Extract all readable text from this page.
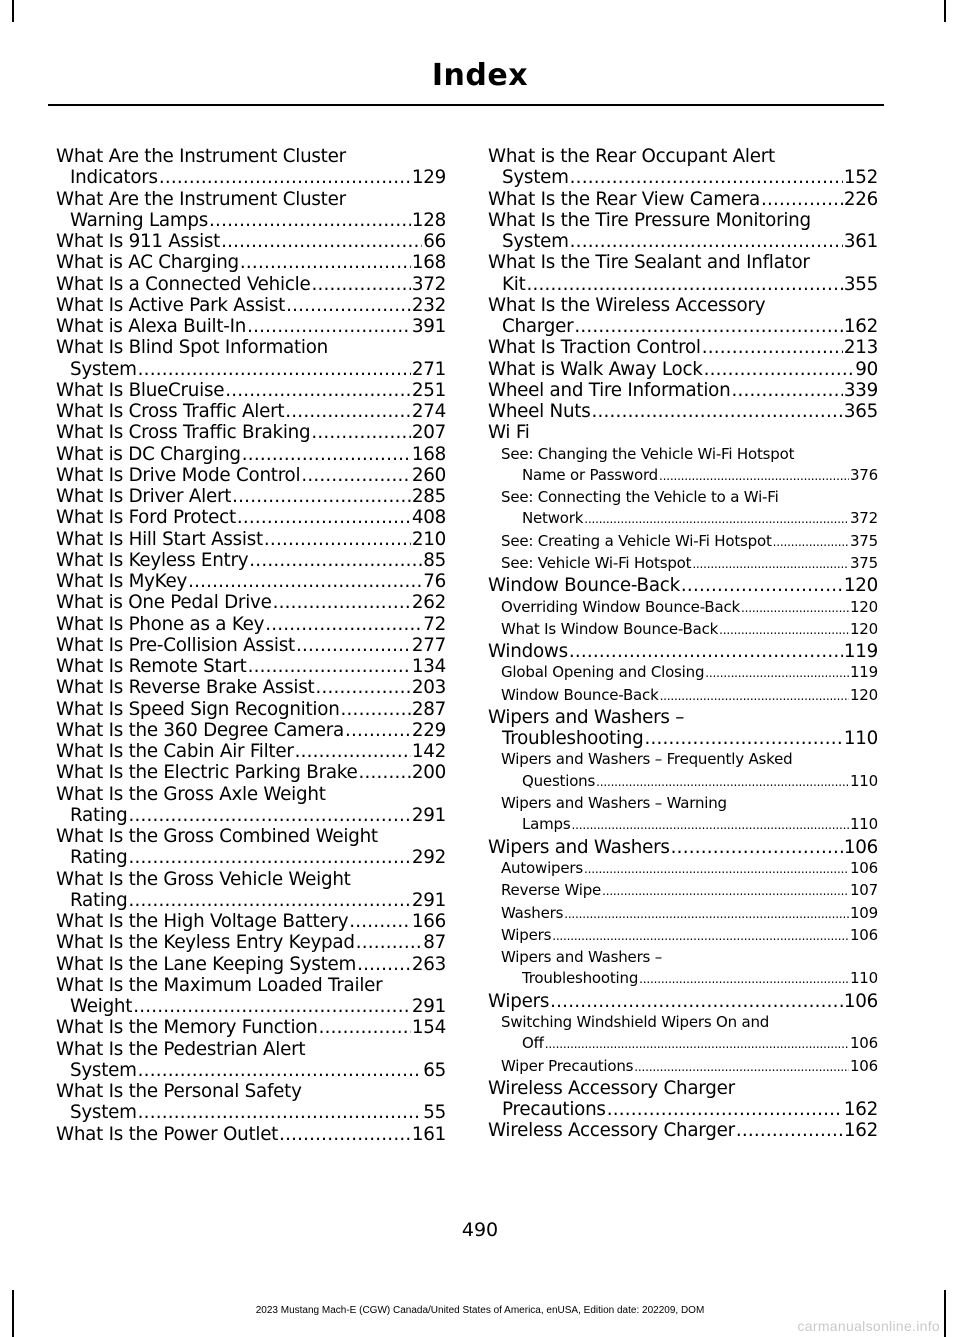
Index
What Are the Instrument Cluster
Indicators .....	129
What Are the Instrument Cluster
Warning Lamps .....	128
What Is 911 Assist .....	66
What is AC Charging .....	168
What Is a Connected Vehicle .....	372
What Is Active Park Assist .....	232
What is Alexa Built-In .....	391
What Is Blind Spot Information
System .....	271
What Is BlueCruise .....	251
What Is Cross Traffic Alert .....	274
What Is Cross Traffic Braking .....	207
What is DC Charging .....	168
What Is Drive Mode Control .....	260
What Is Driver Alert .....	285
What Is Ford Protect .....	408
What Is Hill Start Assist .....	210
What Is Keyless Entry .....	85
What Is MyKey .....	76
What is One Pedal Drive .....	262
What Is Phone as a Key .....	72
What Is Pre-Collision Assist .....	277
What Is Remote Start .....	134
What Is Reverse Brake Assist .....	203
What Is Speed Sign Recognition .....	287
What Is the 360 Degree Camera .....	229
What Is the Cabin Air Filter .....	142
What Is the Electric Parking Brake .....	200
What Is the Gross Axle Weight
Rating .....	291
What Is the Gross Combined Weight
Rating .....	292
What Is the Gross Vehicle Weight
Rating .....	291
What Is the High Voltage Battery .....	166
What Is the Keyless Entry Keypad .....	87
What Is the Lane Keeping System .....	263
What Is the Maximum Loaded Trailer
Weight .....	291
What Is the Memory Function .....	154
What Is the Pedestrian Alert
System .....	65
What Is the Personal Safety
System .....	55
What Is the Power Outlet .....	161
What is the Rear Occupant Alert
System .....	152
What Is the Rear View Camera .....	226
What Is the Tire Pressure Monitoring
System .....	361
What Is the Tire Sealant and Inflator
Kit .....	355
What Is the Wireless Accessory
Charger .....	162
What Is Traction Control .....	213
What is Walk Away Lock .....	90
Wheel and Tire Information .....	339
Wheel Nuts .....	365
Wi Fi
See: Changing the Vehicle Wi-Fi Hotspot
Name or Password .....	376
See: Connecting the Vehicle to a Wi-Fi
Network .....	372
See: Creating a Vehicle Wi-Fi Hotspot .....	375
See: Vehicle Wi-Fi Hotspot .....	375
Window Bounce-Back .....	120
Overriding Window Bounce-Back .....	120
What Is Window Bounce-Back .....	120
Windows .....	119
Global Opening and Closing .....	119
Window Bounce-Back .....	120
Wipers and Washers –
Troubleshooting .....	110
Wipers and Washers – Frequently Asked
Questions .....	110
Wipers and Washers – Warning
Lamps .....	110
Wipers and Washers .....	106
Autowipers .....	106
Reverse Wipe .....	107
Washers .....	109
Wipers .....	106
Wipers and Washers –
Troubleshooting .....	110
Wipers .....	106
Switching Windshield Wipers On and
Off .....	106
Wiper Precautions .....	106
Wireless Accessory Charger
Precautions .....	162
Wireless Accessory Charger .....	162
490
2023 Mustang Mach-E (CGW) Canada/United States of America, enUSA, Edition date: 202209, DOM
carmanualsonline.info
